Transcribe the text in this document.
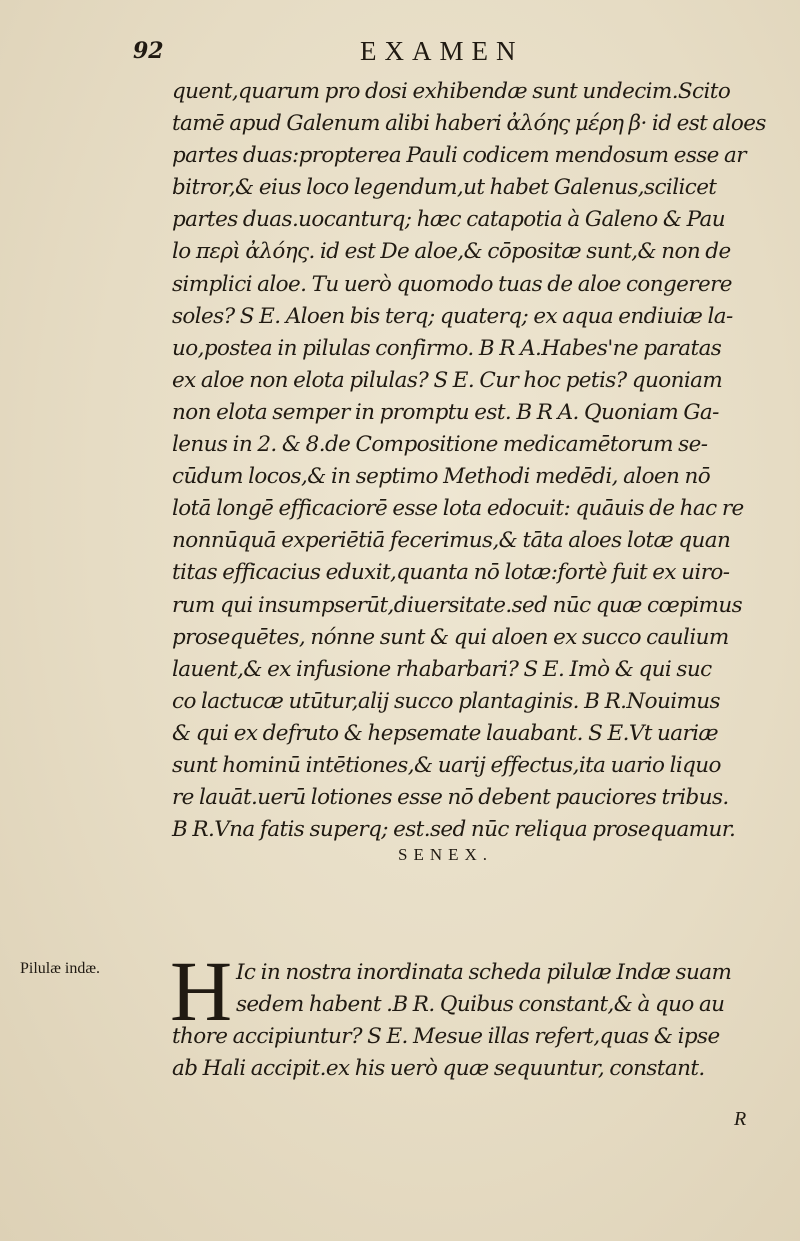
92	EXAMEN
quent,quarum pro dosi exhibendæ sunt undecim.Scito
tamē apud Galenum alibi haberi ἀλόης μέρη β· id est aloes
partes duas:propterea Pauli codicem mendosum esse ar
bitror,& eius loco legendum,ut habet Galenus,scilicet
partes duas.uocanturq; hæc catapotia à Galeno & Pau
lo περὶ ἀλόης. id est De aloe,& cōpositæ sunt,& non de
simplici aloe. Tu uerò quomodo tuas de aloe congerere
soles? S E. Aloen bis terq; quaterq; ex aqua endiuiæ la-
uo,postea in pilulas confirmo. B R A.Habes'ne paratas
ex aloe non elota pilulas? S E. Cur hoc petis? quoniam
non elota semper in promptu est. B R A. Quoniam Ga-
lenus in 2. & 8.de Compositione medicamētorum se-
cūdum locos,& in septimo Methodi medēdi, aloen nō
lotā longē efficaciorē esse lota edocuit: quāuis de hac re
nonnūquā experiētiā fecerimus,& tāta aloes lotæ quan
titas efficacius eduxit,quanta nō lotæ:fortè fuit ex uiro-
rum qui insumpserūt,diuersitate.sed nūc quæ cœpimus
prosequētes, nónne sunt & qui aloen ex succo caulium
lauent,& ex infusione rhabarbari? S E. Imò & qui suc
co lactucæ utūtur,alij succo plantaginis. B R.Nouimus
& qui ex defruto & hepsemate lauabant. S E.Vt uariæ
sunt hominū intētiones,& uarij effectus,ita uario liquo
re lauāt.uerū lotiones esse nō debent pauciores tribus.
B R.Vna fatis superq; est.sed nūc reliqua prosequamur.
SENEX.
Pilulæ indæ. H Ic in nostra inordinata scheda pilulæ Indæ suam
sedem habent .B R. Quibus constant,& à quo au
thore accipiuntur? S E. Mesue illas refert,quas & ipse
ab Hali accipit.ex his uerò quæ sequuntur, constant.
R
